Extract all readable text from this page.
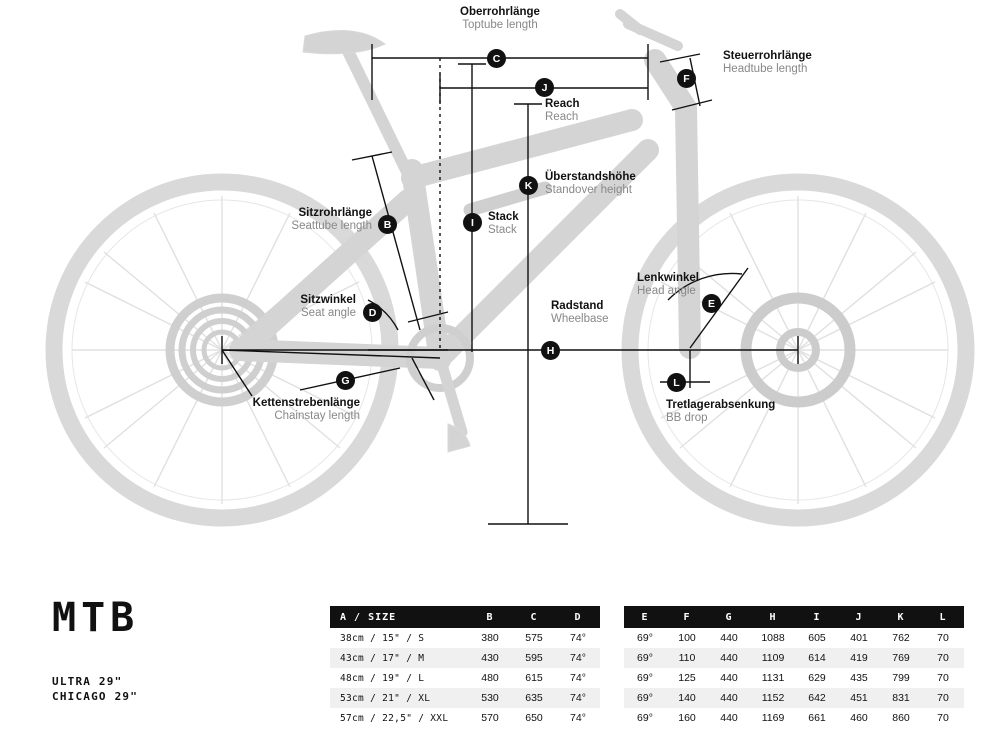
C
J
F
B	I
K
D
E
H
L
G
Oberrohrlänge
Toptube length
Steuerrohrlänge
Headtube length
Reach
Reach
Überstandshöhe
Standover height
Sitzrohrlänge
Seattube length
Stack
Stack
Sitzwinkel
Seat angle
Lenkwinkel
Head angle
Radstand
Wheelbase
Kettenstrebenlänge
Chainstay length
Tretlagerabsenkung
BB drop
MTB
ULTRA 29"
CHICAGO 29"
A / SIZE	B	C	D		E	F	G	H	I	J	K	L
38cm / 15" / S	380	575	74°		69°	100	440	1088	605	401	762	70
43cm / 17" / M	430	595	74°		69°	110	440	1109	614	419	769	70
48cm / 19" / L	480	615	74°		69°	125	440	1131	629	435	799	70
53cm / 21" / XL	530	635	74°		69°	140	440	1152	642	451	831	70
57cm / 22,5" / XXL	570	650	74°		69°	160	440	1169	661	460	860	70
